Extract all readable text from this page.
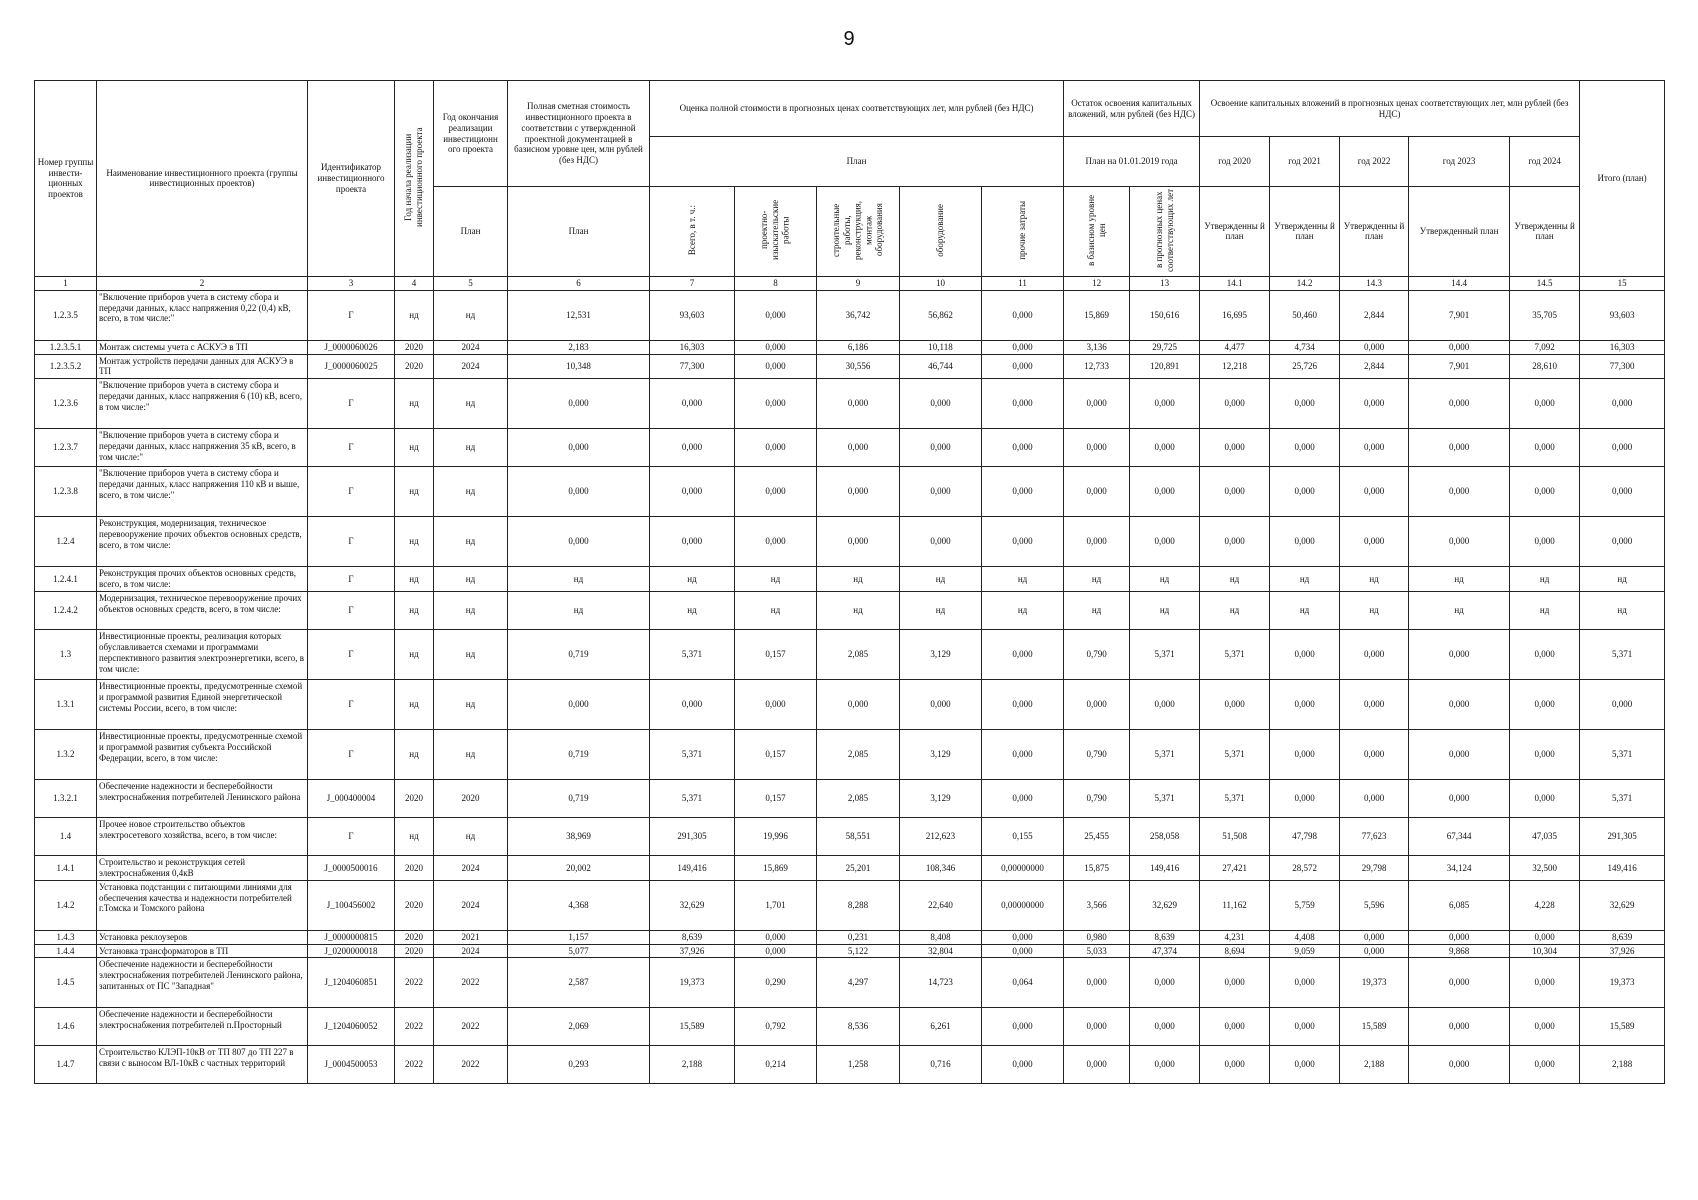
9
Номер группы инвести-ционных проектов	Наименование инвестиционного проекта (группы инвестиционных проектов)	Идентификатор инвестиционного проекта	Год начала реализации инвестиционного проекта	Год окончания реализации инвестиционн ого проекта	Полная сметная стоимость инвестиционного проекта в соответствии с утвержденной проектной документацией в базисном уровне цен, млн рублей (без НДС)	Оценка полной стоимости в прогнозных ценах соответствующих лет, млн рублей (без НДС)					Остаток освоения капитальных вложений, млн рублей (без НДС)		Освоение капитальных вложений в прогнозных ценах соответствующих лет, млн рублей (без НДС)					Итого (план)
						План					План на 01.01.2019 года		год 2020	год 2021	год 2022	год 2023	год 2024	
				План	План	Всего, в т. ч.:	проектно-изыскательские работы	строительные работы, реконструкция, монтаж оборудования	оборудование	прочие затраты	в базисном уровне цен	в прогнозных ценах соответствующих лет	Утвержденны й план	Утвержденны й план	Утвержденны й план	Утвержденный план	Утвержденны й план	
1	2	3	4	5	6	7	8	9	10	11	12	13	14.1	14.2	14.3	14.4	14.5	15
1.2.3.5	"Включение приборов учета в систему сбора и передачи данных, класс напряжения 0,22 (0,4) кВ, всего, в том числе:"	Г	нд	нд	12,531	93,603	0,000	36,742	56,862	0,000	15,869	150,616	16,695	50,460	2,844	7,901	35,705	93,603
1.2.3.5.1	Монтаж системы учета с АСКУЭ в ТП	J_0000060026	2020	2024	2,183	16,303	0,000	6,186	10,118	0,000	3,136	29,725	4,477	4,734	0,000	0,000	7,092	16,303
1.2.3.5.2	Монтаж устройств передачи данных для АСКУЭ в ТП	J_0000060025	2020	2024	10,348	77,300	0,000	30,556	46,744	0,000	12,733	120,891	12,218	25,726	2,844	7,901	28,610	77,300
1.2.3.6	"Включение приборов учета в систему сбора и передачи данных, класс напряжения 6 (10) кВ, всего, в том числе:"	Г	нд	нд	0,000	0,000	0,000	0,000	0,000	0,000	0,000	0,000	0,000	0,000	0,000	0,000	0,000	0,000
1.2.3.7	"Включение приборов учета в систему сбора и передачи данных, класс напряжения 35 кВ, всего, в том числе:"	Г	нд	нд	0,000	0,000	0,000	0,000	0,000	0,000	0,000	0,000	0,000	0,000	0,000	0,000	0,000	0,000
1.2.3.8	"Включение приборов учета в систему сбора и передачи данных, класс напряжения 110 кВ и выше, всего, в том числе:"	Г	нд	нд	0,000	0,000	0,000	0,000	0,000	0,000	0,000	0,000	0,000	0,000	0,000	0,000	0,000	0,000
1.2.4	Реконструкция, модернизация, техническое перевооружение прочих объектов основных средств, всего, в том числе:	Г	нд	нд	0,000	0,000	0,000	0,000	0,000	0,000	0,000	0,000	0,000	0,000	0,000	0,000	0,000	0,000
1.2.4.1	Реконструкция прочих объектов основных средств, всего, в том числе:	Г	нд	нд	нд	нд	нд	нд	нд	нд	нд	нд	нд	нд	нд	нд	нд	нд
1.2.4.2	Модернизация, техническое перевооружение прочих объектов основных средств, всего, в том числе:	Г	нд	нд	нд	нд	нд	нд	нд	нд	нд	нд	нд	нд	нд	нд	нд	нд
1.3	Инвестиционные проекты, реализация которых обуславливается схемами и программами перспективного развития электроэнергетики, всего, в том числе:	Г	нд	нд	0,719	5,371	0,157	2,085	3,129	0,000	0,790	5,371	5,371	0,000	0,000	0,000	0,000	5,371
1.3.1	Инвестиционные проекты, предусмотренные схемой и программой развития Единой энергетической системы России, всего, в том числе:	Г	нд	нд	0,000	0,000	0,000	0,000	0,000	0,000	0,000	0,000	0,000	0,000	0,000	0,000	0,000	0,000
1.3.2	Инвестиционные проекты, предусмотренные схемой и программой развития субъекта Российской Федерации, всего, в том числе:	Г	нд	нд	0,719	5,371	0,157	2,085	3,129	0,000	0,790	5,371	5,371	0,000	0,000	0,000	0,000	5,371
1.3.2.1	Обеспечение надежности и бесперебойности электроснабжения потребителей Ленинского района	J_000400004	2020	2020	0,719	5,371	0,157	2,085	3,129	0,000	0,790	5,371	5,371	0,000	0,000	0,000	0,000	5,371
1.4	Прочее новое строительство объектов электросетевого хозяйства, всего, в том числе:	Г	нд	нд	38,969	291,305	19,996	58,551	212,623	0,155	25,455	258,058	51,508	47,798	77,623	67,344	47,035	291,305
1.4.1	Строительство и реконструкция сетей электроснабжения 0,4кВ	J_0000500016	2020	2024	20,002	149,416	15,869	25,201	108,346	0,00000000	15,875	149,416	27,421	28,572	29,798	34,124	32,500	149,416
1.4.2	Установка подстанции с питающими линиями для обеспечения качества и надежности потребителей г.Томска и Томского района	J_100456002	2020	2024	4,368	32,629	1,701	8,288	22,640	0,00000000	3,566	32,629	11,162	5,759	5,596	6,085	4,228	32,629
1.4.3	Установка реклоузеров	J_0000000815	2020	2021	1,157	8,639	0,000	0,231	8,408	0,000	0,980	8,639	4,231	4,408	0,000	0,000	0,000	8,639
1.4.4	Установка трансформаторов в ТП	J_0200000018	2020	2024	5,077	37,926	0,000	5,122	32,804	0,000	5,033	47,374	8,694	9,059	0,000	9,868	10,304	37,926
1.4.5	Обеспечение надежности и бесперебойности электроснабжения потребителей Ленинского района, запитанных от ПС "Западная"	J_1204060851	2022	2022	2,587	19,373	0,290	4,297	14,723	0,064	0,000	0,000	0,000	0,000	19,373	0,000	0,000	19,373
1.4.6	Обеспечение надежности и бесперебойности электроснабжения потребителей п.Просторный	J_1204060052	2022	2022	2,069	15,589	0,792	8,536	6,261	0,000	0,000	0,000	0,000	0,000	15,589	0,000	0,000	15,589
1.4.7	Строительство КЛЭП-10кВ от ТП 807 до ТП 227 в связи с выносом ВЛ-10кВ с частных территорий	J_0004500053	2022	2022	0,293	2,188	0,214	1,258	0,716	0,000	0,000	0,000	0,000	0,000	2,188	0,000	0,000	2,188
